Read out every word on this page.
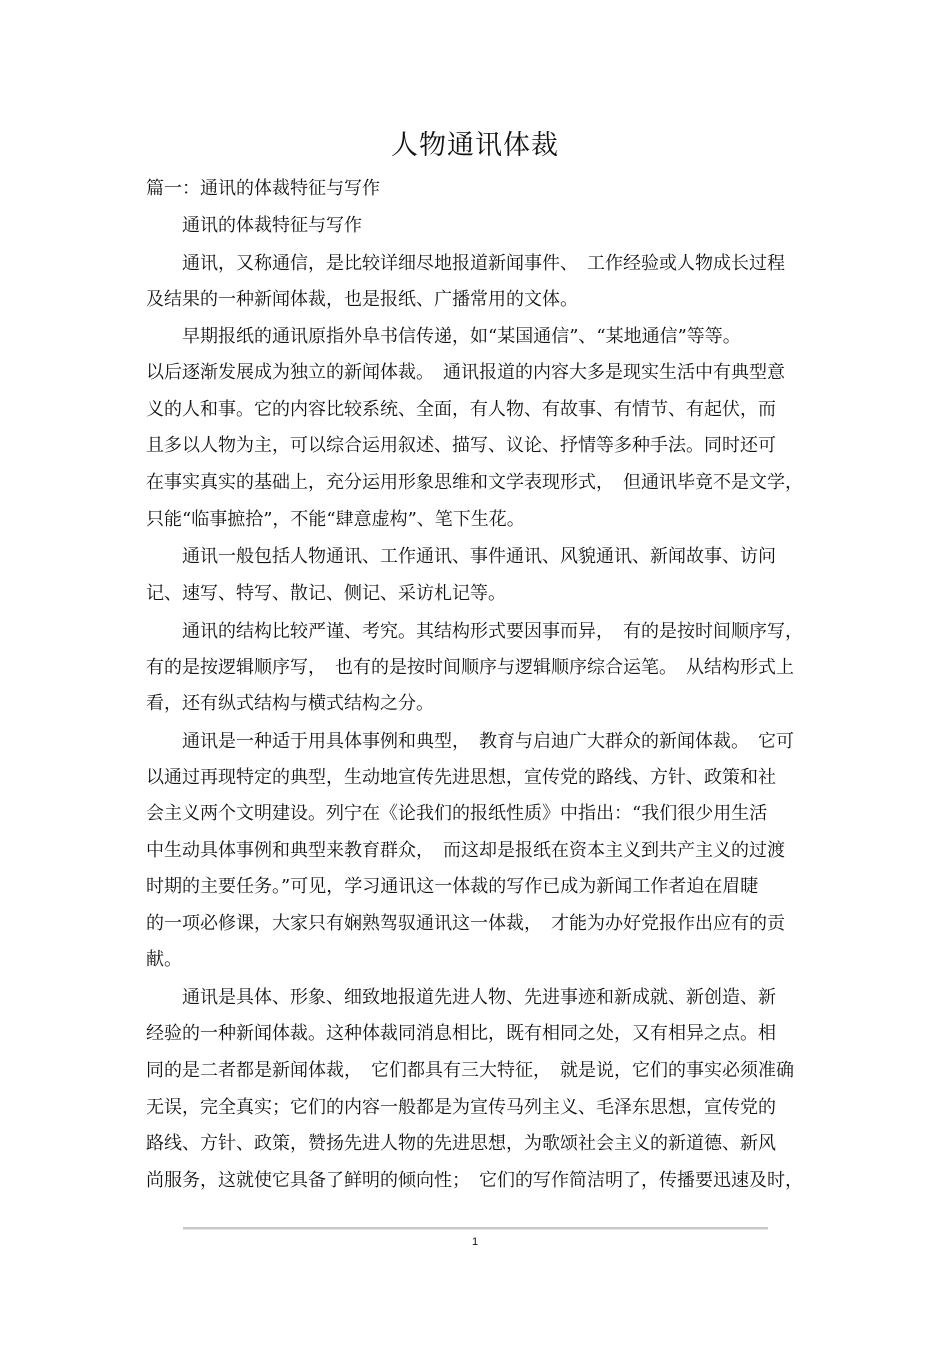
人物通讯体裁
篇一：通讯的体裁特征与写作
通讯的体裁特征与写作
通讯，又称通信，是比较详细尽地报道新闻事件、　工作经验或人物成长过程
及结果的一种新闻体裁，也是报纸、广播常用的文体。
早期报纸的通讯原指外阜书信传递，如“某国通信”、“某地通信”等等。
以后逐渐发展成为独立的新闻体裁。　通讯报道的内容大多是现实生活中有典型意
义的人和事。它的内容比较系统、全面，有人物、有故事、有情节、有起伏，而
且多以人物为主，可以综合运用叙述、描写、议论、抒情等多种手法。同时还可
在事实真实的基础上，充分运用形象思维和文学表现形式，　但通讯毕竟不是文学，
只能“临事摭拾”，不能“肆意虚构”、笔下生花。
通讯一般包括人物通讯、工作通讯、事件通讯、风貌通讯、新闻故事、访问
记、速写、特写、散记、侧记、采访札记等。
通讯的结构比较严谨、考究。其结构形式要因事而异，　有的是按时间顺序写，
有的是按逻辑顺序写，　也有的是按时间顺序与逻辑顺序综合运笔。　从结构形式上
看，还有纵式结构与横式结构之分。
通讯是一种适于用具体事例和典型，　教育与启迪广大群众的新闻体裁。　它可
以通过再现特定的典型，生动地宣传先进思想，宣传党的路线、方针、政策和社
会主义两个文明建设。列宁在《论我们的报纸性质》中指出：“我们很少用生活
中生动具体事例和典型来教育群众，　而这却是报纸在资本主义到共产主义的过渡
时期的主要任务。”可见，学习通讯这一体裁的写作已成为新闻工作者迫在眉睫
的一项必修课，大家只有娴熟驾驭通讯这一体裁，　才能为办好党报作出应有的贡
献。
通讯是具体、形象、细致地报道先进人物、先进事迹和新成就、新创造、新
经验的一种新闻体裁。这种体裁同消息相比，既有相同之处，又有相异之点。相
同的是二者都是新闻体裁，　它们都具有三大特征，　就是说，它们的事实必须准确
无误，完全真实；它们的内容一般都是为宣传马列主义、毛泽东思想，宣传党的
路线、方针、政策，赞扬先进人物的先进思想，为歌颂社会主义的新道德、新风
尚服务，这就使它具备了鲜明的倾向性；　它们的写作简洁明了，传播要迅速及时，
1
